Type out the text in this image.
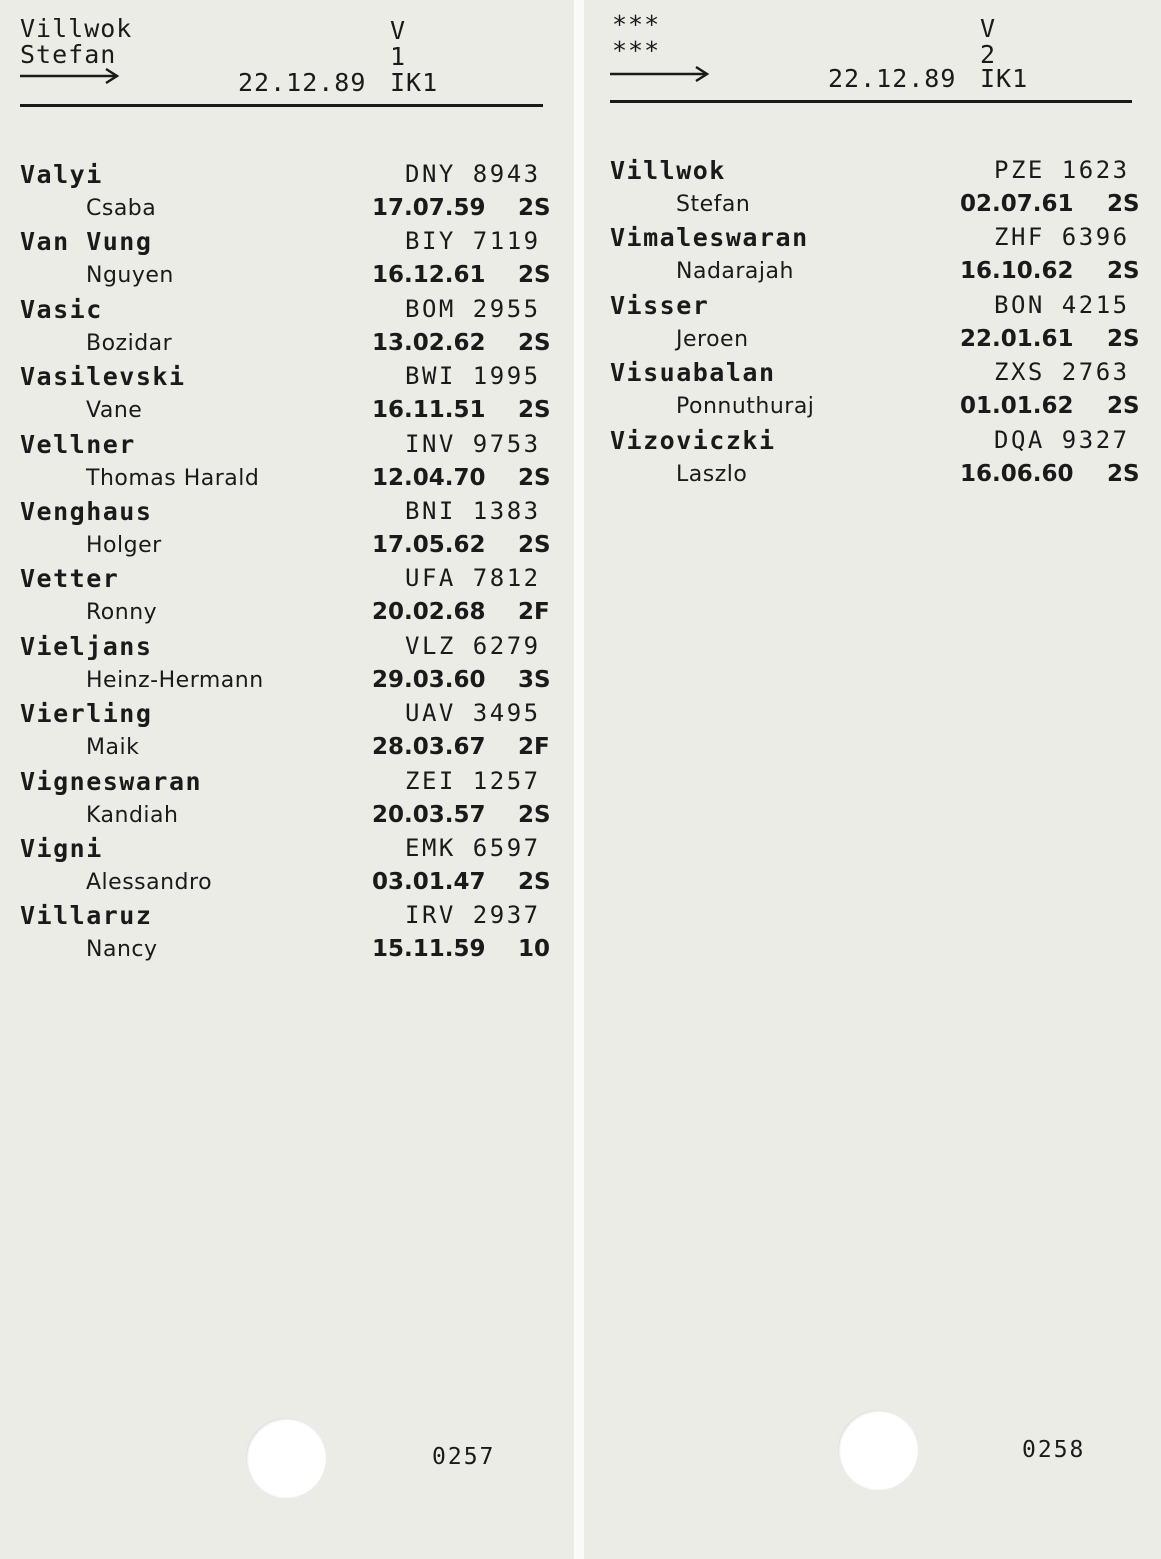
Villwok
Stefan
V
1
22.12.89 IK1
Valyi	DNY 8943
Csaba	17.07.59 2S
Van Vung	BIY 7119
Nguyen	16.12.61 2S
Vasic	BOM 2955
Bozidar	13.02.62 2S
Vasilevski	BWI 1995
Vane	16.11.51 2S
Vellner	INV 9753
Thomas Harald	12.04.70 2S
Venghaus	BNI 1383
Holger	17.05.62 2S
Vetter	UFA 7812
Ronny	20.02.68 2F
Vieljans	VLZ 6279
Heinz-Hermann	29.03.60 3S
Vierling	UAV 3495
Maik	28.03.67 2F
Vigneswaran	ZEI 1257
Kandiah	20.03.57 2S
Vigni	EMK 6597
Alessandro	03.01.47 2S
Villaruz	IRV 2937
Nancy	15.11.59 10
0257
***
***
V
2
22.12.89 IK1
Villwok	PZE 1623
Stefan	02.07.61 2S
Vimaleswaran	ZHF 6396
Nadarajah	16.10.62 2S
Visser	BON 4215
Jeroen	22.01.61 2S
Visuabalan	ZXS 2763
Ponnuthuraj	01.01.62 2S
Vizoviczki	DQA 9327
Laszlo	16.06.60 2S
0258
